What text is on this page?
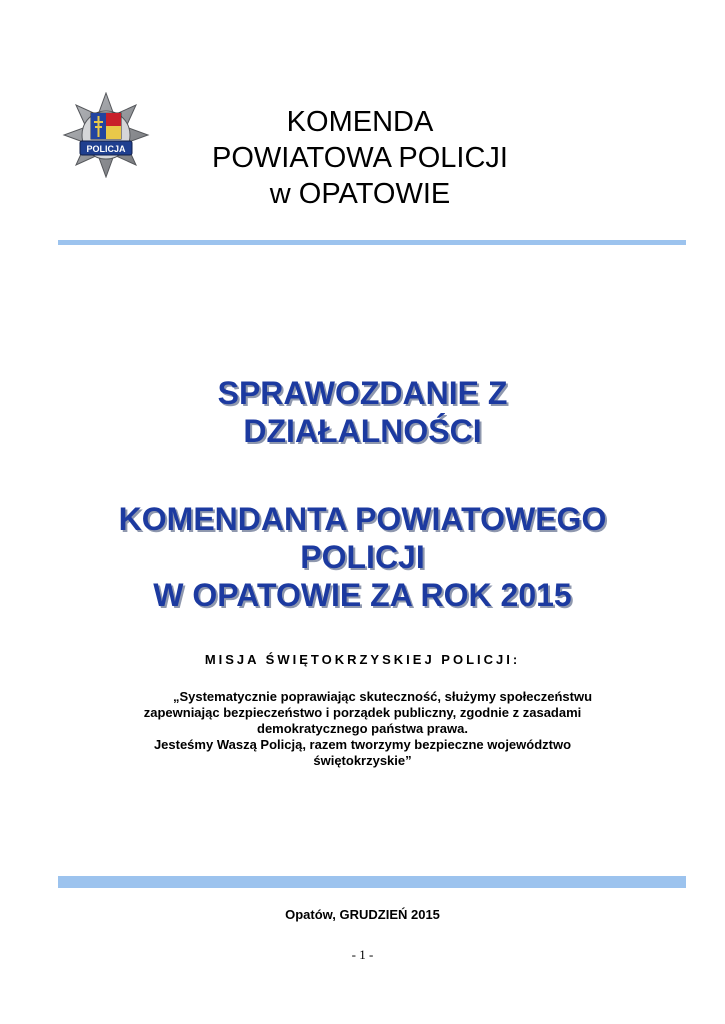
POLICJA
KOMENDA
POWIATOWA POLICJI
w OPATOWIE
SPRAWOZDANIE Z
DZIAŁALNOŚCI
KOMENDANTA POWIATOWEGO
POLICJI
W OPATOWIE ZA ROK 2015
MISJA ŚWIĘTOKRZYSKIEJ POLICJI:
„Systematycznie poprawiając skuteczność, służymy społeczeństwu
zapewniając bezpieczeństwo i porządek publiczny, zgodnie z zasadami
demokratycznego państwa prawa.
Jesteśmy Waszą Policją, razem tworzymy bezpieczne województwo
świętokrzyskie”
Opatów, GRUDZIEŃ 2015
- 1 -
